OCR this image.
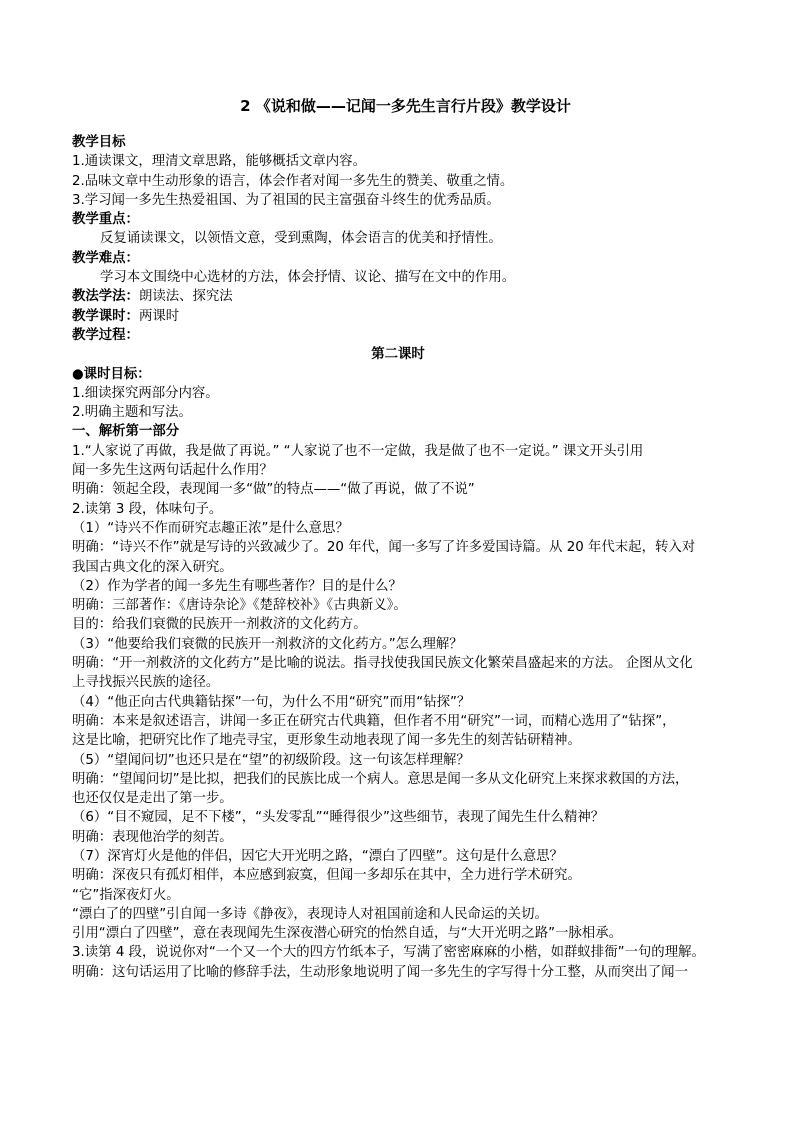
2 《说和做——记闻一多先生言行片段》教学设计
教学目标
1.通读课文，理清文章思路，能够概括文章内容。
2.品味文章中生动形象的语言，体会作者对闻一多先生的赞美、敬重之情。
3.学习闻一多先生热爱祖国、为了祖国的民主富强奋斗终生的优秀品质。
教学重点：
反复诵读课文，以领悟文意，受到熏陶，体会语言的优美和抒情性。
教学难点：
学习本文围绕中心选材的方法，体会抒情、议论、描写在文中的作用。
教法学法：朗读法、探究法
教学课时：两课时
教学过程：
第二课时
●课时目标：
1.细读探究两部分内容。
2.明确主题和写法。
一、解析第一部分
1.“人家说了再做，我是做了再说。” “人家说了也不一定做，我是做了也不一定说。” 课文开头引用
闻一多先生这两句话起什么作用？
明确：领起全段，表现闻一多“做”的特点——“做了再说，做了不说”
2.读第 3 段，体味句子。
（1）“诗兴不作而研究志趣正浓”是什么意思？
明确：“诗兴不作”就是写诗的兴致减少了。20 年代，闻一多写了许多爱国诗篇。从 20 年代末起，转入对
我国古典文化的深入研究。
（2）作为学者的闻一多先生有哪些著作？目的是什么？
明确：三部著作：《唐诗杂论》《楚辞校补》《古典新义》。
目的：给我们衰微的民族开一剂救济的文化药方。
（3）“他要给我们衰微的民族开一剂救济的文化药方。”怎么理解？
明确：“开一剂救济的文化药方”是比喻的说法。指寻找使我国民族文化繁荣昌盛起来的方法。 企图从文化
上寻找振兴民族的途径。
（4）“他正向古代典籍钻探”一句，为什么不用“研究”而用“钻探”？
明确：本来是叙述语言，讲闻一多正在研究古代典籍，但作者不用“研究”一词，而精心选用了“钻探”，
这是比喻，把研究比作了地壳寻宝，更形象生动地表现了闻一多先生的刻苦钻研精神。
（5）“望闻问切”也还只是在“望”的初级阶段。这一句该怎样理解？
明确：“望闻问切”是比拟，把我们的民族比成一个病人。意思是闻一多从文化研究上来探求救国的方法，
也还仅仅是走出了第一步。
（6）“目不窥园，足不下楼”，“头发零乱”“睡得很少”这些细节，表现了闻先生什么精神？
明确：表现他治学的刻苦。
（7）深宵灯火是他的伴侣，因它大开光明之路，“漂白了四壁”。这句是什么意思？
明确：深夜只有孤灯相伴，本应感到寂寞，但闻一多却乐在其中，全力进行学术研究。
“它”指深夜灯火。
“漂白了的四壁”引自闻一多诗《静夜》，表现诗人对祖国前途和人民命运的关切。
引用“漂白了四壁”，意在表现闻先生深夜潜心研究的怡然自适，与“大开光明之路”一脉相承。
3.读第 4 段，说说你对“一个又一个大的四方竹纸本子，写满了密密麻麻的小楷，如群蚁排衙”一句的理解。
明确：这句话运用了比喻的修辞手法，生动形象地说明了闻一多先生的字写得十分工整，从而突出了闻一
